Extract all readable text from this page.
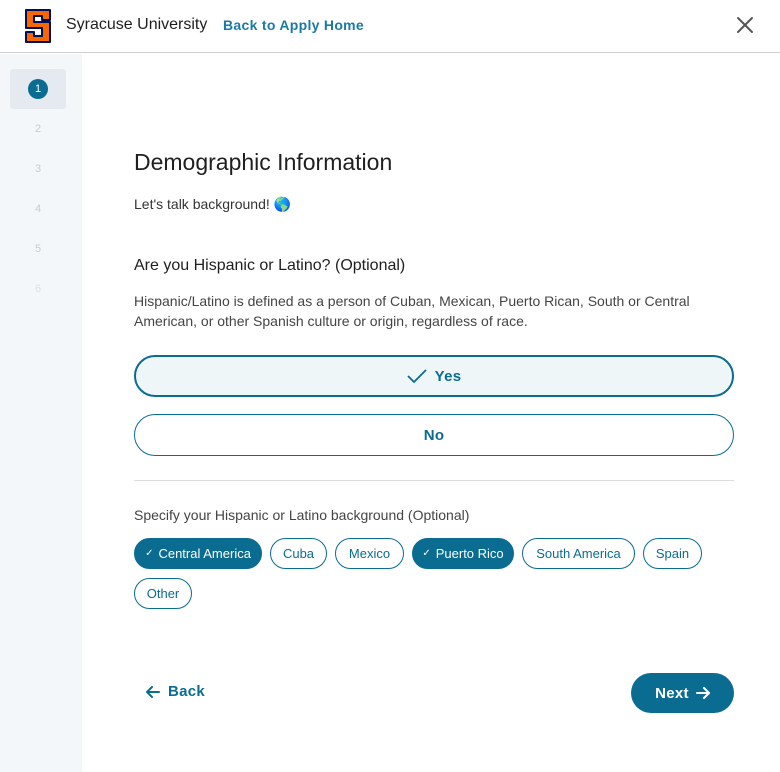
Syracuse University Back to Apply Home
1
2
3
4
5
6
Demographic Information

Let's talk background! 🌎

Are you Hispanic or Latino? (Optional)

Hispanic/Latino is defined as a person of Cuban, Mexican, Puerto Rican, South or Central American, or other Spanish culture or origin, regardless of race.

Yes
No

Specify your Hispanic or Latino background (Optional)

✓ Central America Cuba	Mexico	✓ Puerto Rico	South America	Spain
Other
Back	Next
